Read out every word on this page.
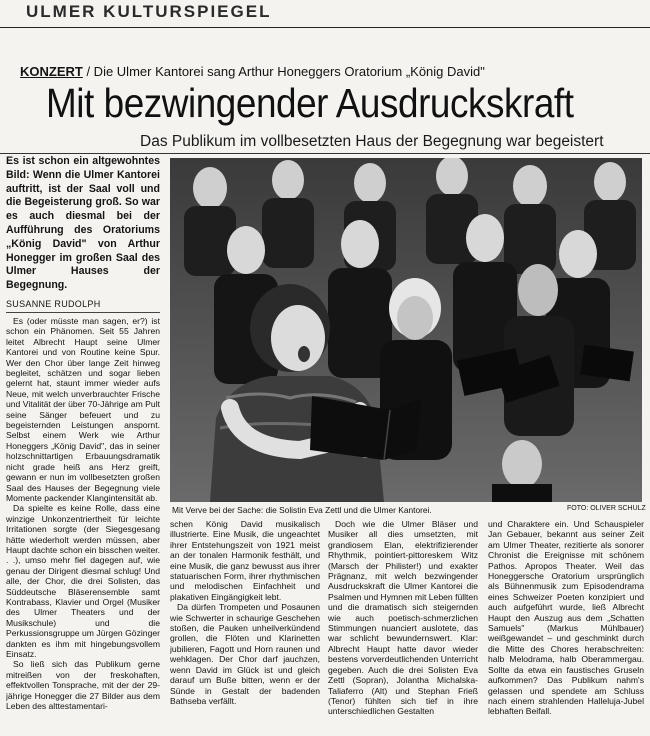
ULMER KULTURSPIEGEL
KONZERT / Die Ulmer Kantorei sang Arthur Honeggers Oratorium „König David"
Mit bezwingender Ausdruckskraft
Das Publikum im vollbesetzten Haus der Begegnung war begeistert
Es ist schon ein altgewohntes Bild: Wenn die Ulmer Kantorei auftritt, ist der Saal voll und die Begeisterung groß. So war es auch diesmal bei der Aufführung des Oratoriums „König David" von Arthur Honegger im großen Saal des Ulmer Hauses der Begegnung.
SUSANNE RUDOLPH

Es (oder müsste man sagen, er?) ist schon ein Phänomen. Seit 55 Jahren leitet Albrecht Haupt seine Ulmer Kantorei und von Routine keine Spur. Wer den Chor über lange Zeit hinweg begleitet, schätzen und sogar lieben gelernt hat, staunt immer wieder aufs Neue, mit welch unverbrauchter Frische und Vitalität der über 70-Jährige am Pult seine Sänger befeuert und zu begeisternden Leistungen anspornt. Selbst einem Werk wie Arthur Honeggers „König David", das in seiner holzschnittartigen Erbauungsdramatik nicht grade heiß ans Herz greift, gewann er nun im vollbesetzten großen Saal des Hauses der Begegnung viele Momente packender Klangintensität ab.

Da spielte es keine Rolle, dass eine winzige Unkonzentriertheit für leichte Irritationen sorgte (der Siegesgesang hätte wiederholt werden müssen, aber Haupt dachte schon ein bisschen weiter. . .), umso mehr fiel dagegen auf, wie genau der Dirigent diesmal schlug! Und alle, der Chor, die drei Solisten, das Süddeutsche Bläserensemble samt Kontrabass, Klavier und Orgel (Musiker des Ulmer Theaters und der Musikschule) und die Perkussionsgruppe um Jürgen Gözinger dankten es ihm mit hingebungsvollem Einsatz.

So ließ sich das Publikum gerne mitreißen von der freskohaften, effektvollen Tonsprache, mit der der 29-jährige Honegger die 27 Bilder aus dem Leben des alttestamentari-

Mit Verve bei der Sache: die Solistin Eva Zettl und die Ulmer Kantorei.	FOTO: OLIVER SCHULZ

schen König David musikalisch illustrierte. Eine Musik, die ungeachtet ihrer Entstehungszeit von 1921 meist an der tonalen Harmonik festhält, und eine Musik, die ganz bewusst aus ihrer statuarischen Form, ihrer rhythmischen und melodischen Einfachheit und plakativen Eingängigkeit lebt.

Da dürfen Trompeten und Posaunen wie Schwerter in schaurige Geschehen stoßen, die Pauken unheilverkündend grollen, die Flöten und Klarinetten jubilieren, Fagott und Horn raunen und wehklagen. Der Chor darf jauchzen, wenn David im Glück ist und gleich darauf um Buße bitten, wenn er der Sünde in Gestalt der badenden Bathseba verfällt.

Doch wie die Ulmer Bläser und Musiker all dies umsetzten, mit grandiosem Elan, elektrifizierender Rhythmik, pointiert-pittoreskem Witz (Marsch der Philister!) und exakter Prägnanz, mit welch bezwingender Ausdruckskraft die Ulmer Kantorei die Psalmen und Hymnen mit Leben füllten und die dramatisch sich steigernden wie auch poetisch-schmerzlichen Stimmungen nuanciert auslotete, das war schlicht bewundernswert. Klar: Albrecht Haupt hatte davor wieder bestens vorverdeutlichenden Unterricht gegeben. Auch die drei Solisten Eva Zettl (Sopran), Jolantha Michalska-Taliaferro (Alt) und Stephan Frieß (Tenor) fühlten sich tief in ihre unterschiedlichen Gestalten

und Charaktere ein. Und Schauspieler Jan Gebauer, bekannt aus seiner Zeit am Ulmer Theater, rezitierte als sonorer Chronist die Ereignisse mit schönem Pathos. Apropos Theater. Weil das Honeggersche Oratorium ursprünglich als Bühnenmusik zum Episodendrama eines Schweizer Poeten konzipiert und auch aufgeführt wurde, ließ Albrecht Haupt den Auszug aus dem „Schatten Samuels" (Markus Mühlbauer) weißgewandet – und geschminkt durch die Mitte des Chores herabschreiten: halb Melodrama, halb Oberammergau. Sollte da etwa ein faustisches Gruseln aufkommen? Das Publikum nahm's gelassen und spendete am Schluss nach einem strahlenden Halleluja-Jubel lebhaften Beifall.
